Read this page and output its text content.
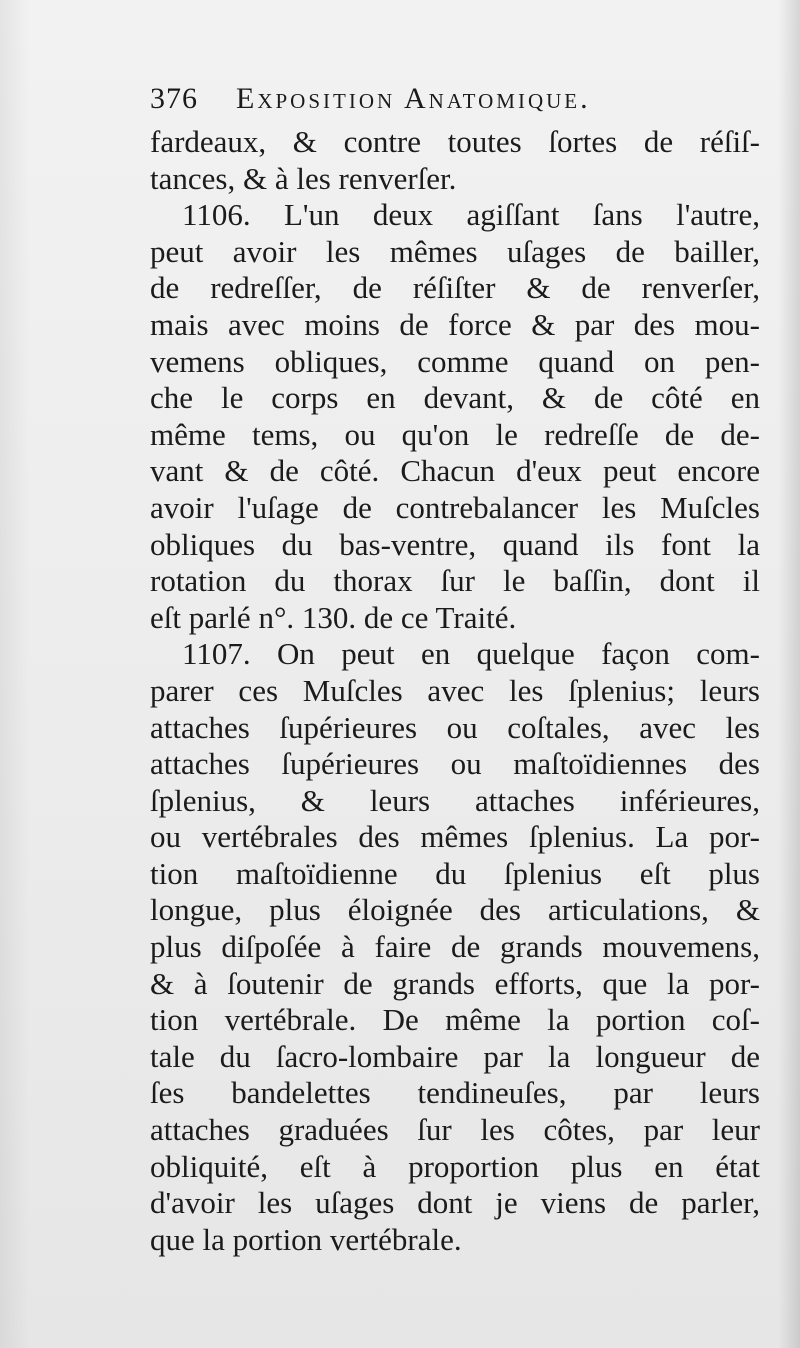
376	Exposition Anatomique.
fardeaux, & contre toutes ſortes de réſiſ-
tances, & à les renverſer.
1106. L'un deux agiſſant ſans l'autre,
peut avoir les mêmes uſages de bailler,
de redreſſer, de réſiſter & de renverſer,
mais avec moins de force & par des mou-
vemens obliques, comme quand on pen-
che le corps en devant, & de côté en
même tems, ou qu'on le redreſſe de de-
vant & de côté. Chacun d'eux peut encore
avoir l'uſage de contrebalancer les Muſcles
obliques du bas-ventre, quand ils font la
rotation du thorax ſur le baſſin, dont il
eſt parlé n°. 130. de ce Traité.
1107. On peut en quelque façon com-
parer ces Muſcles avec les ſplenius; leurs
attaches ſupérieures ou coſtales, avec les
attaches ſupérieures ou maſtoïdiennes des
ſplenius, & leurs attaches inférieures,
ou vertébrales des mêmes ſplenius. La por-
tion maſtoïdienne du ſplenius eſt plus
longue, plus éloignée des articulations, &
plus diſpoſée à faire de grands mouvemens,
& à ſoutenir de grands efforts, que la por-
tion vertébrale. De même la portion coſ-
tale du ſacro-lombaire par la longueur de
ſes bandelettes tendineuſes, par leurs
attaches graduées ſur les côtes, par leur
obliquité, eſt à proportion plus en état
d'avoir les uſages dont je viens de parler,
que la portion vertébrale.
